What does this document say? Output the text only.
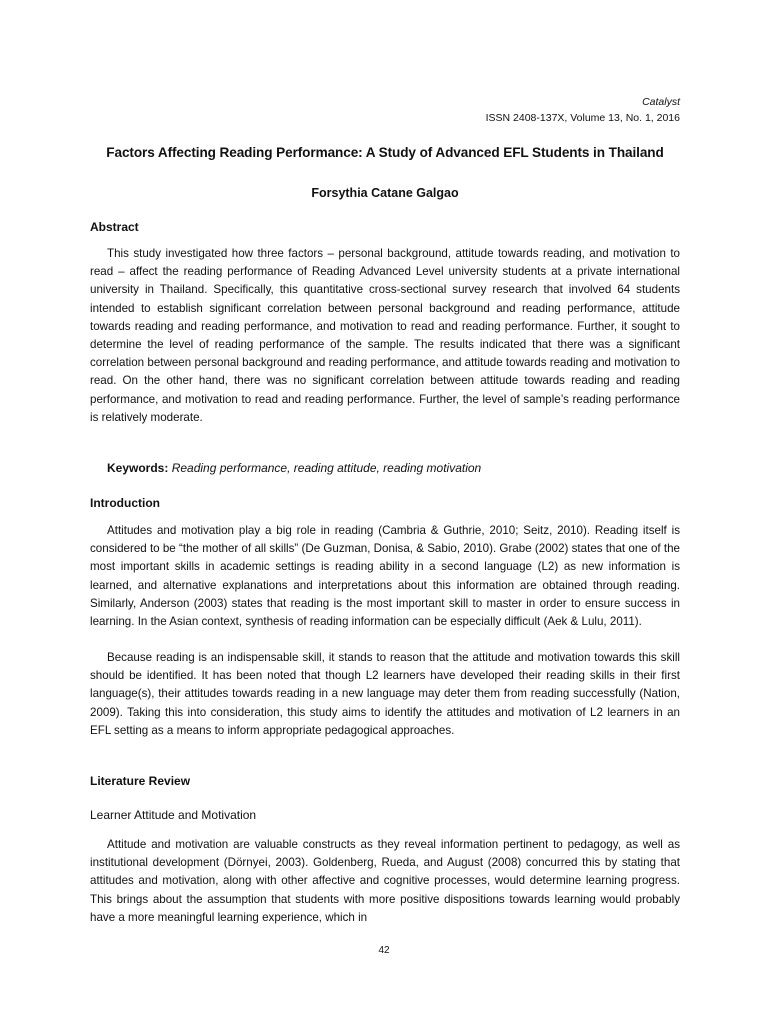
Catalyst
ISSN 2408-137X, Volume 13, No. 1, 2016
Factors Affecting Reading Performance: A Study of Advanced EFL Students in Thailand
Forsythia Catane Galgao
Abstract

This study investigated how three factors – personal background, attitude towards reading, and motivation to read – affect the reading performance of Reading Advanced Level university students at a private international university in Thailand. Specifically, this quantitative cross-sectional survey research that involved 64 students intended to establish significant correlation between personal background and reading performance, attitude towards reading and reading performance, and motivation to read and reading performance. Further, it sought to determine the level of reading performance of the sample. The results indicated that there was a significant correlation between personal background and reading performance, and attitude towards reading and motivation to read. On the other hand, there was no significant correlation between attitude towards reading and reading performance, and motivation to read and reading performance. Further, the level of sample’s reading performance is relatively moderate.

Keywords: Reading performance, reading attitude, reading motivation
Introduction

Attitudes and motivation play a big role in reading (Cambria & Guthrie, 2010; Seitz, 2010). Reading itself is considered to be “the mother of all skills” (De Guzman, Donisa, & Sabio, 2010). Grabe (2002) states that one of the most important skills in academic settings is reading ability in a second language (L2) as new information is learned, and alternative explanations and interpretations about this information are obtained through reading. Similarly, Anderson (2003) states that reading is the most important skill to master in order to ensure success in learning. In the Asian context, synthesis of reading information can be especially difficult (Aek & Lulu, 2011).

Because reading is an indispensable skill, it stands to reason that the attitude and motivation towards this skill should be identified. It has been noted that though L2 learners have developed their reading skills in their first language(s), their attitudes towards reading in a new language may deter them from reading successfully (Nation, 2009). Taking this into consideration, this study aims to identify the attitudes and motivation of L2 learners in an EFL setting as a means to inform appropriate pedagogical approaches.

Literature Review
Learner Attitude and Motivation

Attitude and motivation are valuable constructs as they reveal information pertinent to pedagogy, as well as institutional development (Dörnyei, 2003). Goldenberg, Rueda, and August (2008) concurred this by stating that attitudes and motivation, along with other affective and cognitive processes, would determine learning progress. This brings about the assumption that students with more positive dispositions towards learning would probably have a more meaningful learning experience, which in

42
